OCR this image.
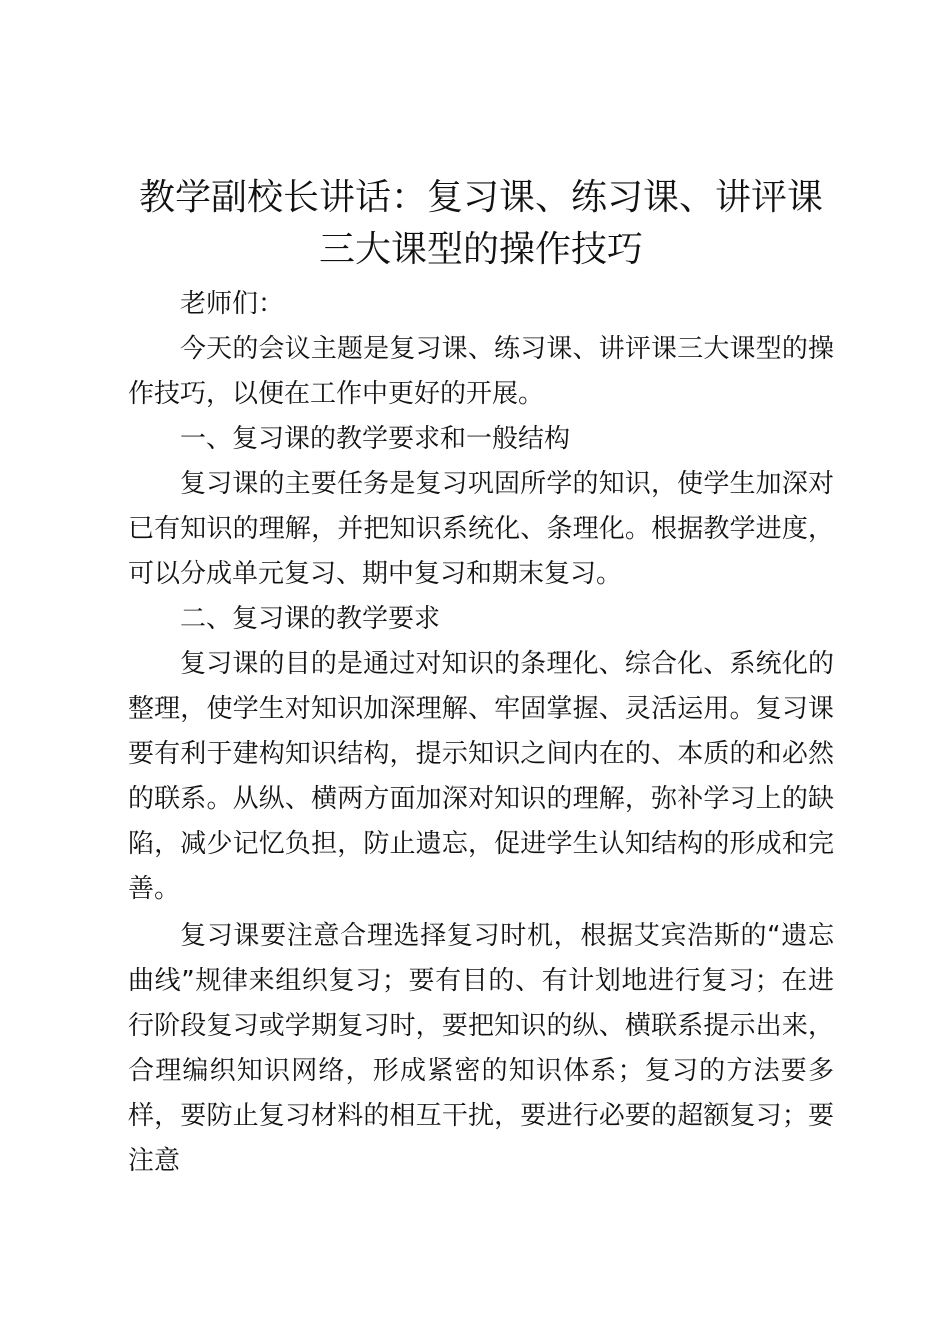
教学副校长讲话：复习课、练习课、讲评课三大课型的操作技巧

老师们：

今天的会议主题是复习课、练习课、讲评课三大课型的操作技巧，以便在工作中更好的开展。

一、复习课的教学要求和一般结构

复习课的主要任务是复习巩固所学的知识，使学生加深对已有知识的理解，并把知识系统化、条理化。根据教学进度，可以分成单元复习、期中复习和期末复习。

二、复习课的教学要求

复习课的目的是通过对知识的条理化、综合化、系统化的整理，使学生对知识加深理解、牢固掌握、灵活运用。复习课要有利于建构知识结构，提示知识之间内在的、本质的和必然的联系。从纵、横两方面加深对知识的理解，弥补学习上的缺陷，减少记忆负担，防止遗忘，促进学生认知结构的形成和完善。

复习课要注意合理选择复习时机，根据艾宾浩斯的“遗忘曲线”规律来组织复习；要有目的、有计划地进行复习；在进行阶段复习或学期复习时，要把知识的纵、横联系提示出来，合理编织知识网络，形成紧密的知识体系；复习的方法要多样，要防止复习材料的相互干扰，要进行必要的超额复习；要注意
